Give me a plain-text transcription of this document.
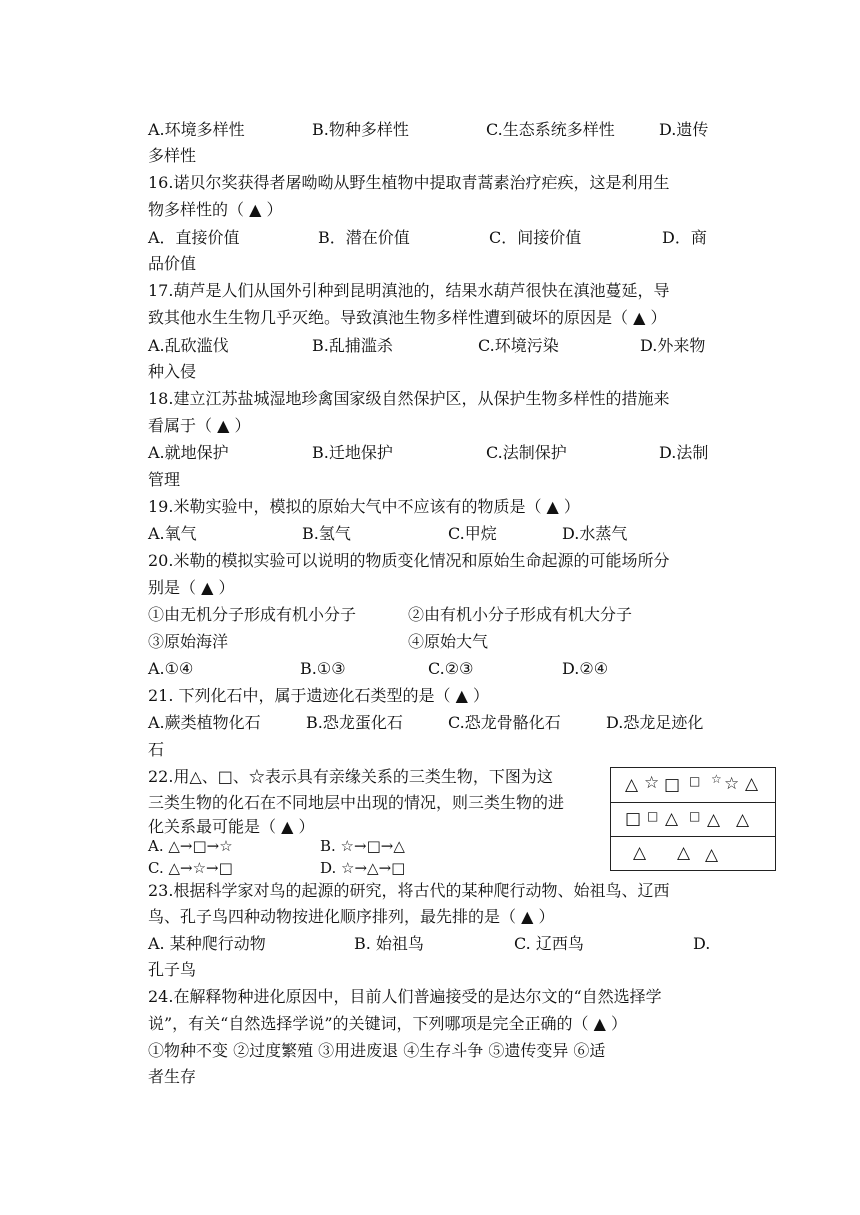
A.环境多样性	B.物种多样性	C.生态系统多样性	D.遗传
多样性
16.诺贝尔奖获得者屠呦呦从野生植物中提取青蒿素治疗疟疾，这是利用生
物多样性的（ ▲ ）
A．直接价值	B．潜在价值	C．间接价值	D．商
品价值
17.葫芦是人们从国外引种到昆明滇池的，结果水葫芦很快在滇池蔓延，导
致其他水生生物几乎灭绝。导致滇池生物多样性遭到破坏的原因是（ ▲ ）
A.乱砍滥伐	B.乱捕滥杀	C.环境污染	D.外来物
种入侵
18.建立江苏盐城湿地珍禽国家级自然保护区，从保护生物多样性的措施来
看属于（ ▲ ）
A.就地保护	B.迁地保护	C.法制保护	D.法制
管理
19.米勒实验中，模拟的原始大气中不应该有的物质是（ ▲ ）
A.氧气	B.氢气	C.甲烷	D.水蒸气
20.米勒的模拟实验可以说明的物质变化情况和原始生命起源的可能场所分
别是（ ▲ ）
①由无机分子形成有机小分子	②由有机小分子形成有机大分子
③原始海洋	④原始大气
A.①④	B.①③	C.②③	D.②④
21. 下列化石中，属于遗迹化石类型的是（ ▲ ）
A.蕨类植物化石	B.恐龙蛋化石	C.恐龙骨骼化石	D.恐龙足迹化
石
22.用△、□、☆表示具有亲缘关系的三类生物，下图为这
三类生物的化石在不同地层中出现的情况，则三类生物的进
化关系最可能是（ ▲ ）
A. △→□→☆	B. ☆→□→△
C. △→☆→□	D. ☆→△→□
△ ☆ □ □ ☆ ☆ △
□ □ △ □ △ △
△ △ △
23.根据科学家对鸟的起源的研究，将古代的某种爬行动物、始祖鸟、辽西
鸟、孔子鸟四种动物按进化顺序排列，最先排的是（ ▲ ）
A. 某种爬行动物	B. 始祖鸟	C. 辽西鸟	D.
孔子鸟
24.在解释物种进化原因中，目前人们普遍接受的是达尔文的“自然选择学
说”，有关“自然选择学说”的关键词，下列哪项是完全正确的（ ▲ ）
①物种不变 ②过度繁殖 ③用进废退 ④生存斗争 ⑤遗传变异 ⑥适
者生存
